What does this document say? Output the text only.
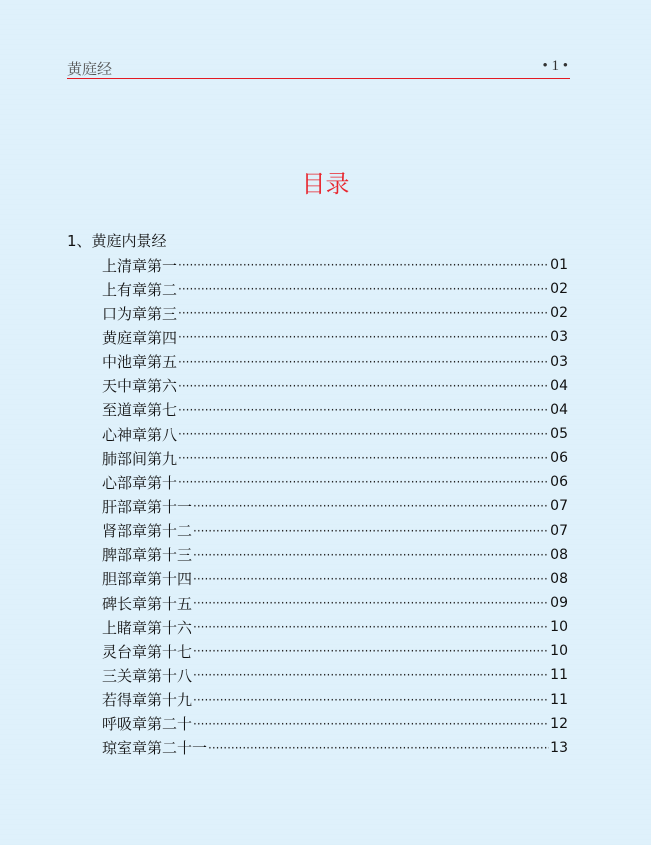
黄庭经	• 1 •
目录
1、黄庭内景经
上清章第一 ·····	01
上有章第二 ·····	02
口为章第三 ·····	02
黄庭章第四 ·····	03
中池章第五 ·····	03
天中章第六 ·····	04
至道章第七 ·····	04
心神章第八 ·····	05
肺部间第九 ·····	06
心部章第十 ·····	06
肝部章第十一 ·····	07
肾部章第十二 ·····	07
脾部章第十三 ·····	08
胆部章第十四 ·····	08
碑长章第十五 ·····	09
上睹章第十六 ·····	10
灵台章第十七 ·····	10
三关章第十八 ·····	11
若得章第十九 ·····	11
呼吸章第二十 ·····	12
琼室章第二十一 ·····	13
